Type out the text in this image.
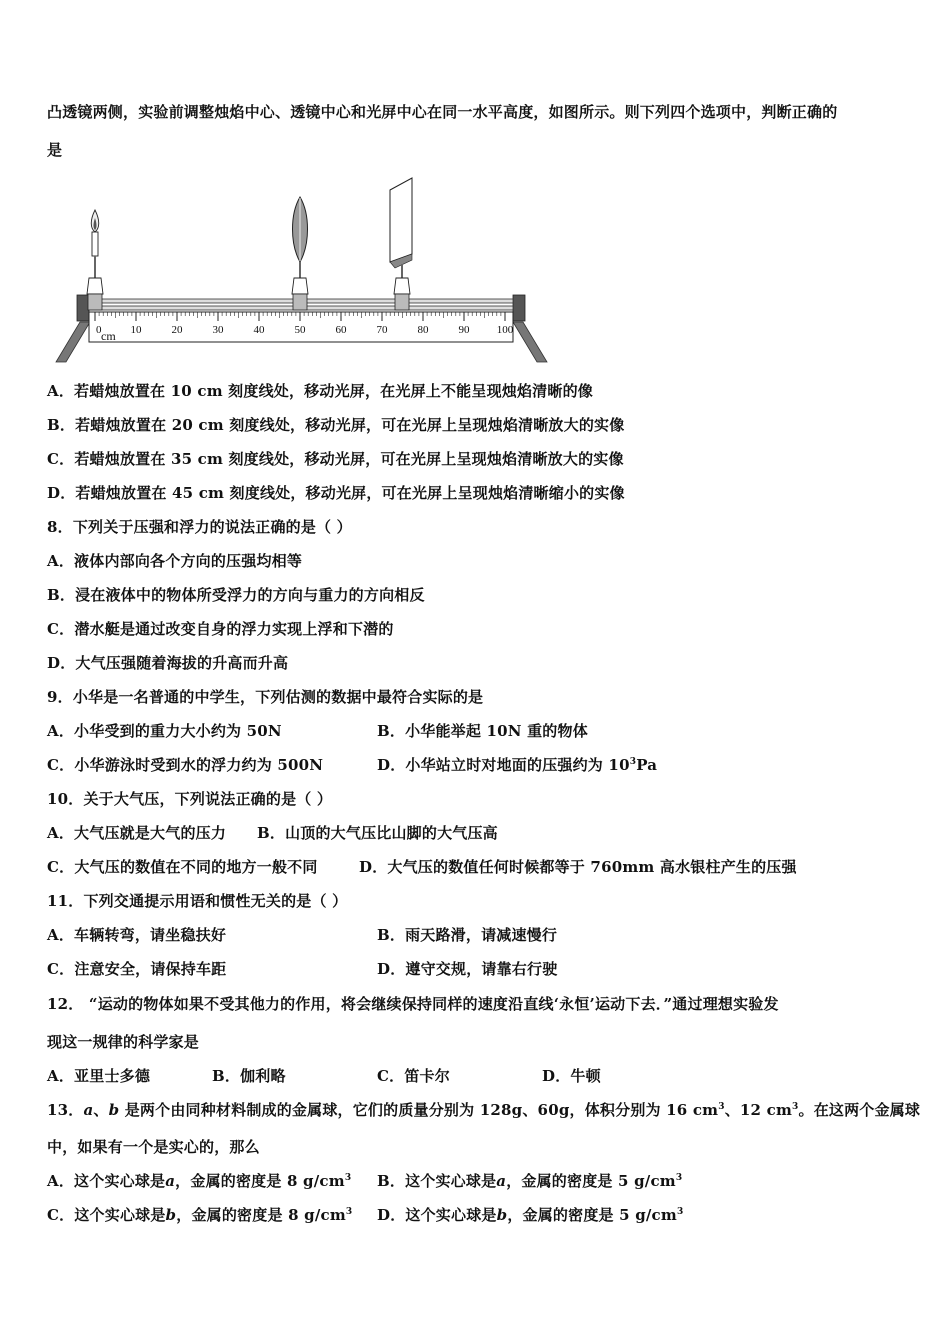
凸透镜两侧，实验前调整烛焰中心、透镜中心和光屏中心在同一水平高度，如图所示。则下列四个选项中，判断正确的
是
0	10	20	30	40	50	60	70	80	90 100
cm
A．若蜡烛放置在 10 cm 刻度线处，移动光屏，在光屏上不能呈现烛焰清晰的像
B．若蜡烛放置在 20 cm 刻度线处，移动光屏，可在光屏上呈现烛焰清晰放大的实像
C．若蜡烛放置在 35 cm 刻度线处，移动光屏，可在光屏上呈现烛焰清晰放大的实像
D．若蜡烛放置在 45 cm 刻度线处，移动光屏，可在光屏上呈现烛焰清晰缩小的实像
8．下列关于压强和浮力的说法正确的是（ ）
A．液体内部向各个方向的压强均相等
B．浸在液体中的物体所受浮力的方向与重力的方向相反
C．潜水艇是通过改变自身的浮力实现上浮和下潜的
D．大气压强随着海拔的升高而升高
9．小华是一名普通的中学生，下列估测的数据中最符合实际的是
A．小华受到的重力大小约为 50N	B．小华能举起 10N 重的物体
C．小华游泳时受到水的浮力约为 500N	D．小华站立时对地面的压强约为 $10^3Pa$
10．关于大气压，下列说法正确的是（ ）
A．大气压就是大气的压力 B．山顶的大气压比山脚的大气压高
C．大气压的数值在不同的地方一般不同	D．大气压的数值任何时候都等于 760mm 高水银柱产生的压强
11．下列交通提示用语和惯性无关的是（ ）
A．车辆转弯，请坐稳扶好	B．雨天路滑，请减速慢行
C．注意安全，请保持车距	D．遵守交规，请靠右行驶
12． “运动的物体如果不受其他力的作用，将会继续保持同样的速度沿直线‘永恒’运动下去．”通过理想实验发
现这一规律的科学家是
A．亚里士多德	B．伽利略	C．笛卡尔	D．牛顿
13．a、b 是两个由同种材料制成的金属球，它们的质量分别为 128g、60g，体积分别为 16 $cm^3$、12 $cm^3$。在这两个金属球
中，如果有一个是实心的，那么
A．这个实心球是a，金属的密度是 8 $g/cm^3$ B．这个实心球是a，金属的密度是 5 $g/cm^3$
C．这个实心球是b，金属的密度是 8 $g/cm^3$ D．这个实心球是b，金属的密度是 5 $g/cm^3$
